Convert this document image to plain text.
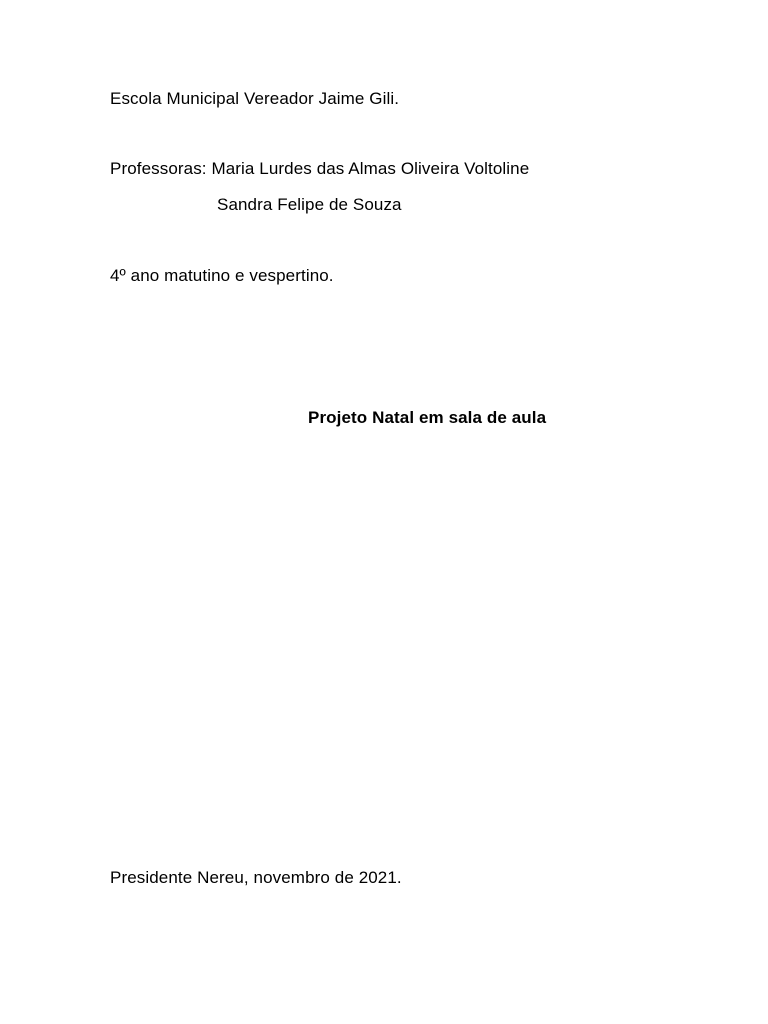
Escola Municipal Vereador Jaime Gili.
Professoras: Maria Lurdes das Almas Oliveira Voltoline
Sandra Felipe de Souza
4º ano matutino e vespertino.
Projeto Natal em sala de aula
Presidente Nereu, novembro de 2021.
